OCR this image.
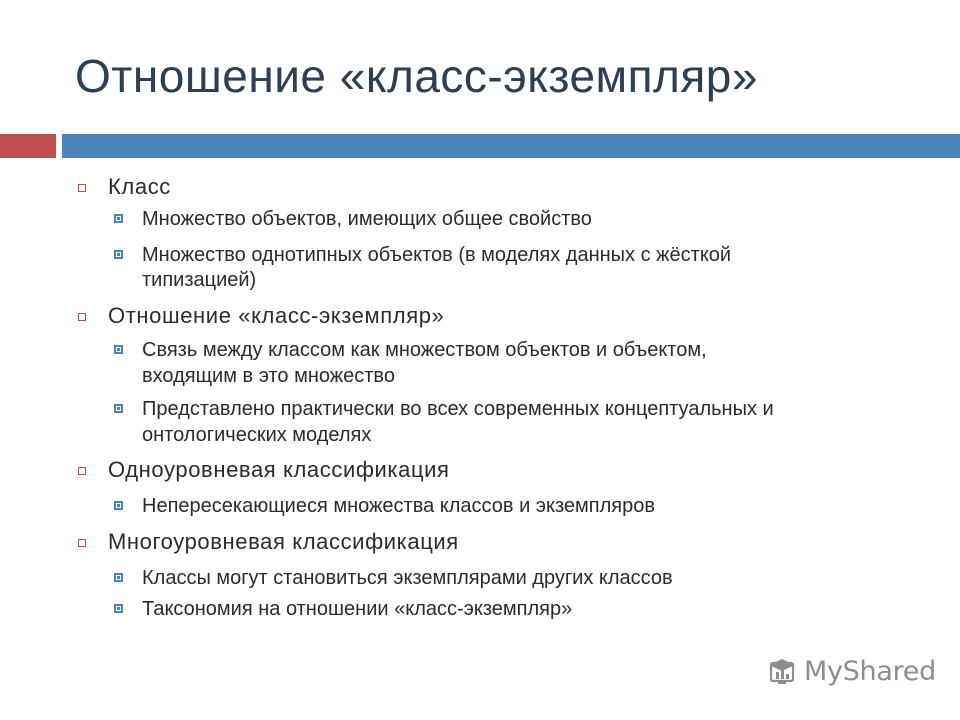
Отношение «класс-экземпляр»
Класс
Множество объектов, имеющих общее свойство
Множество однотипных объектов (в моделях данных с жёсткой
типизацией)
Отношение «класс-экземпляр»
Связь между классом как множеством объектов и объектом,
входящим в это множество
Представлено практически во всех современных концептуальных и
онтологических моделях
Одноуровневая классификация
Непересекающиеся множества классов и экземпляров
Многоуровневая классификация
Классы могут становиться экземплярами других классов
Таксономия на отношении «класс-экземпляр»
MyShared
